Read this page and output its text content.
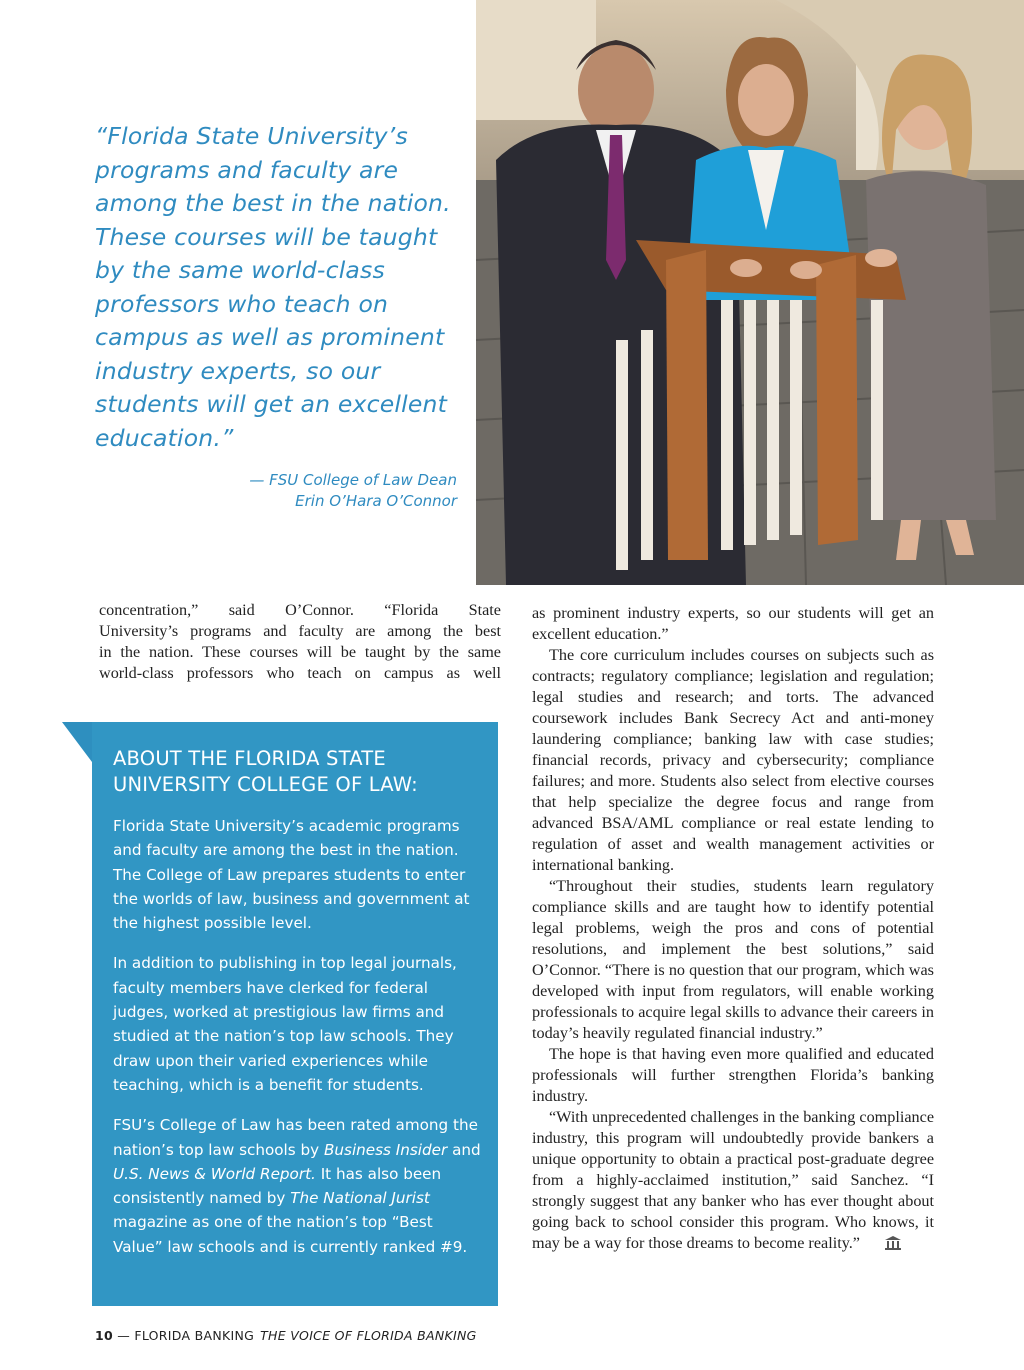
“Florida State University’s
programs and faculty are
among the best in the nation.
These courses will be taught
by the same world-class
professors who teach on
campus as well as prominent
industry experts, so our
students will get an excellent
education.”
— FSU College of Law Dean
Erin O’Hara O’Connor

concentration,” said O’Connor. “Florida State

University’s programs and faculty are among the best

in the nation. These courses will be taught by the same

world-class professors who teach on campus as well

ABOUT THE FLORIDA STATE
UNIVERSITY COLLEGE OF LAW:

Florida State University’s academic programs and faculty are among the best in the nation. The College of Law prepares students to enter the worlds of law, business and government at the highest possible level.

In addition to publishing in top legal journals, faculty members have clerked for federal judges, worked at prestigious law firms and studied at the nation’s top law schools. They draw upon their varied experiences while teaching, which is a benefit for students.

FSU’s College of Law has been rated among the nation’s top law schools by Business Insider and U.S. News & World Report. It has also been consistently named by The National Jurist magazine as one of the nation’s top “Best Value” law schools and is currently ranked #9.

as prominent industry experts, so our students will get an excellent education.”

The core curriculum includes courses on subjects such as contracts; regulatory compliance; legislation and regulation; legal studies and research; and torts. The advanced coursework includes Bank Secrecy Act and anti-money laundering compliance; banking law with case studies; financial records, privacy and cybersecurity; compliance failures; and more. Students also select from elective courses that help specialize the degree focus and range from advanced BSA/AML compliance or real estate lending to regulation of asset and wealth management activities or international banking.

“Throughout their studies, students learn regulatory compliance skills and are taught how to identify potential legal problems, weigh the pros and cons of potential resolutions, and implement the best solutions,” said O’Connor. “There is no question that our program, which was developed with input from regulators, will enable working professionals to acquire legal skills to advance their careers in today’s heavily regulated financial industry.”

The hope is that having even more qualified and educated professionals will further strengthen Florida’s banking industry.

“With unprecedented challenges in the banking compliance industry, this program will undoubtedly provide bankers a unique opportunity to obtain a practical post-graduate degree from a highly-acclaimed institution,” said Sanchez. “I strongly suggest that any banker who has ever thought about going back to school consider this program. Who knows, it may be a way for those dreams to become reality.”

10 — FLORIDA BANKING THE VOICE OF FLORIDA BANKING
